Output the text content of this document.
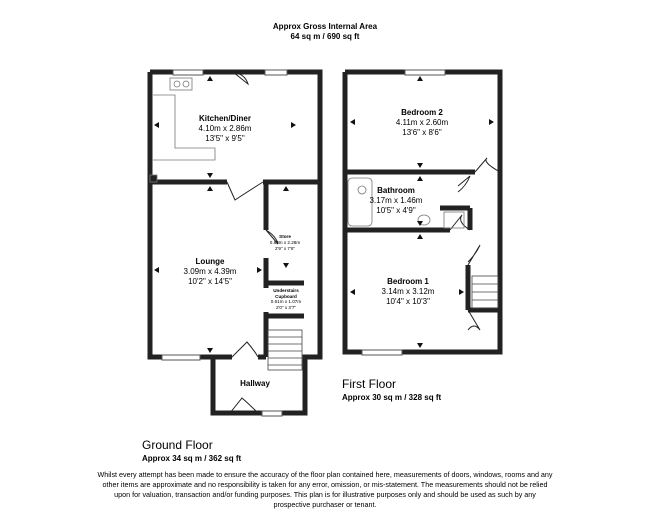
Approx Gross Internal Area
64 sq m / 690 sq ft
Kitchen/Diner
4.10m x 2.86m
13'5" x 9'5"
Lounge
3.09m x 4.39m
10'2" x 14'5"
Store
0.83m x 2.28m
2'9" x 7'6"
Understairs Cupboard
0.61m x 1.07m
2'0" x 3'7"
Hallway
Bedroom 2
4.11m x 2.60m
13'6" x 8'6"
Bathroom
3.17m x 1.46m
10'5" x 4'9"
Bedroom 1
3.14m x 3.12m
10'4" x 10'3"
First Floor
Approx 30 sq m / 328 sq ft
Ground Floor
Approx 34 sq m / 362 sq ft
Whilst every attempt has been made to ensure the accuracy of the floor plan contained here, measurements of doors, windows, rooms and any other items are approximate and no responsibility is taken for any error, omission, or mis-statement. The measurements should not be relied upon for valuation, transaction and/or funding purposes. This plan is for illustrative purposes only and should be used as such by any prospective purchaser or tenant.
